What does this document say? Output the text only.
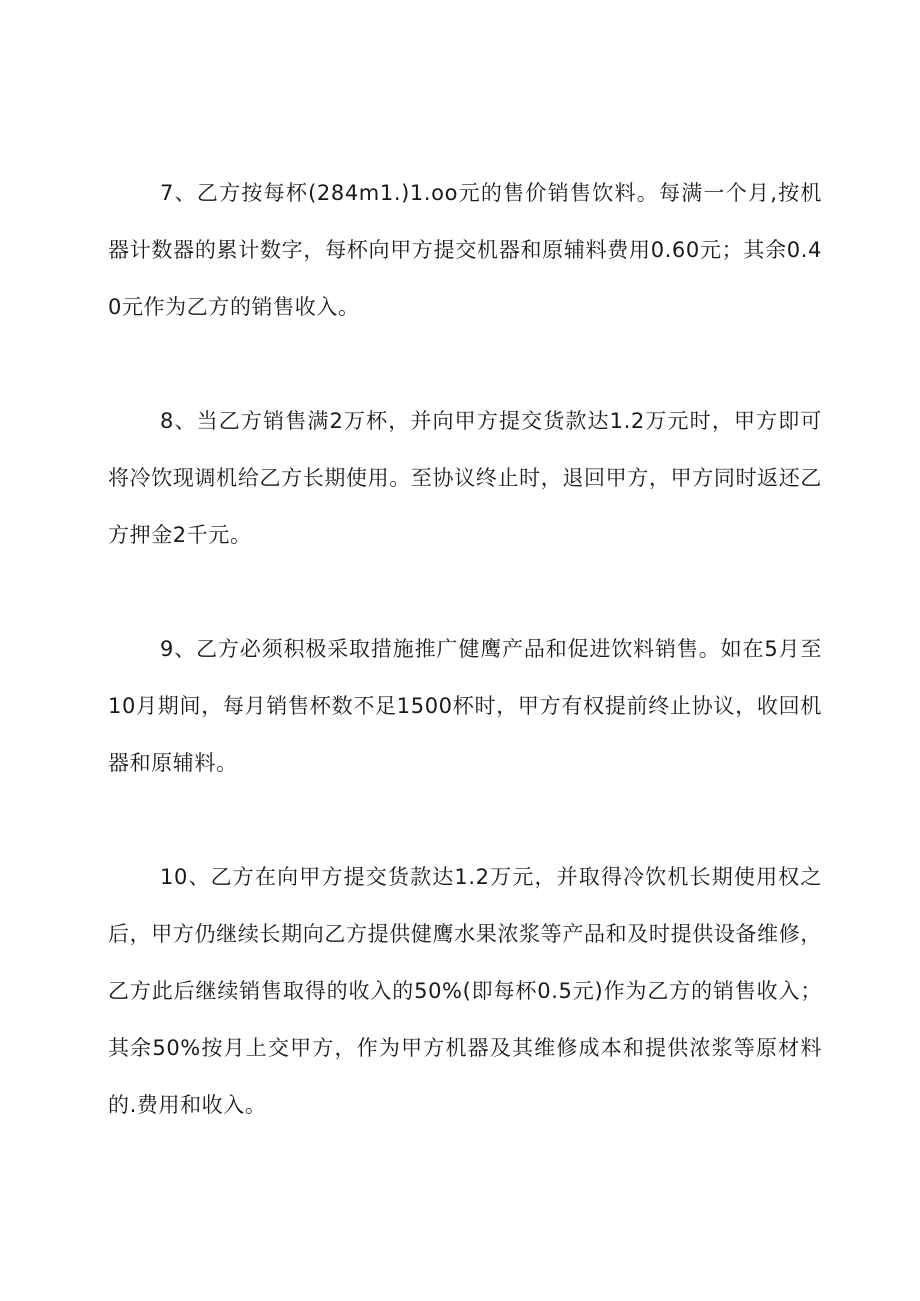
7、乙方按每杯(284m1.)1.oo元的售价销售饮料。每满一个月,按机器计数器的累计数字，每杯向甲方提交机器和原辅料费用0.60元；其余0.40元作为乙方的销售收入。

8、当乙方销售满2万杯，并向甲方提交货款达1.2万元时，甲方即可将冷饮现调机给乙方长期使用。至协议终止时，退回甲方，甲方同时返还乙方押金2千元。

9、乙方必须积极采取措施推广健鹰产品和促进饮料销售。如在5月至10月期间，每月销售杯数不足1500杯时，甲方有权提前终止协议，收回机器和原辅料。

10、乙方在向甲方提交货款达1.2万元，并取得冷饮机长期使用权之后，甲方仍继续长期向乙方提供健鹰水果浓浆等产品和及时提供设备维修，乙方此后继续销售取得的收入的50%(即每杯0.5元)作为乙方的销售收入；其余50%按月上交甲方，作为甲方机器及其维修成本和提供浓浆等原材料的.费用和收入。
